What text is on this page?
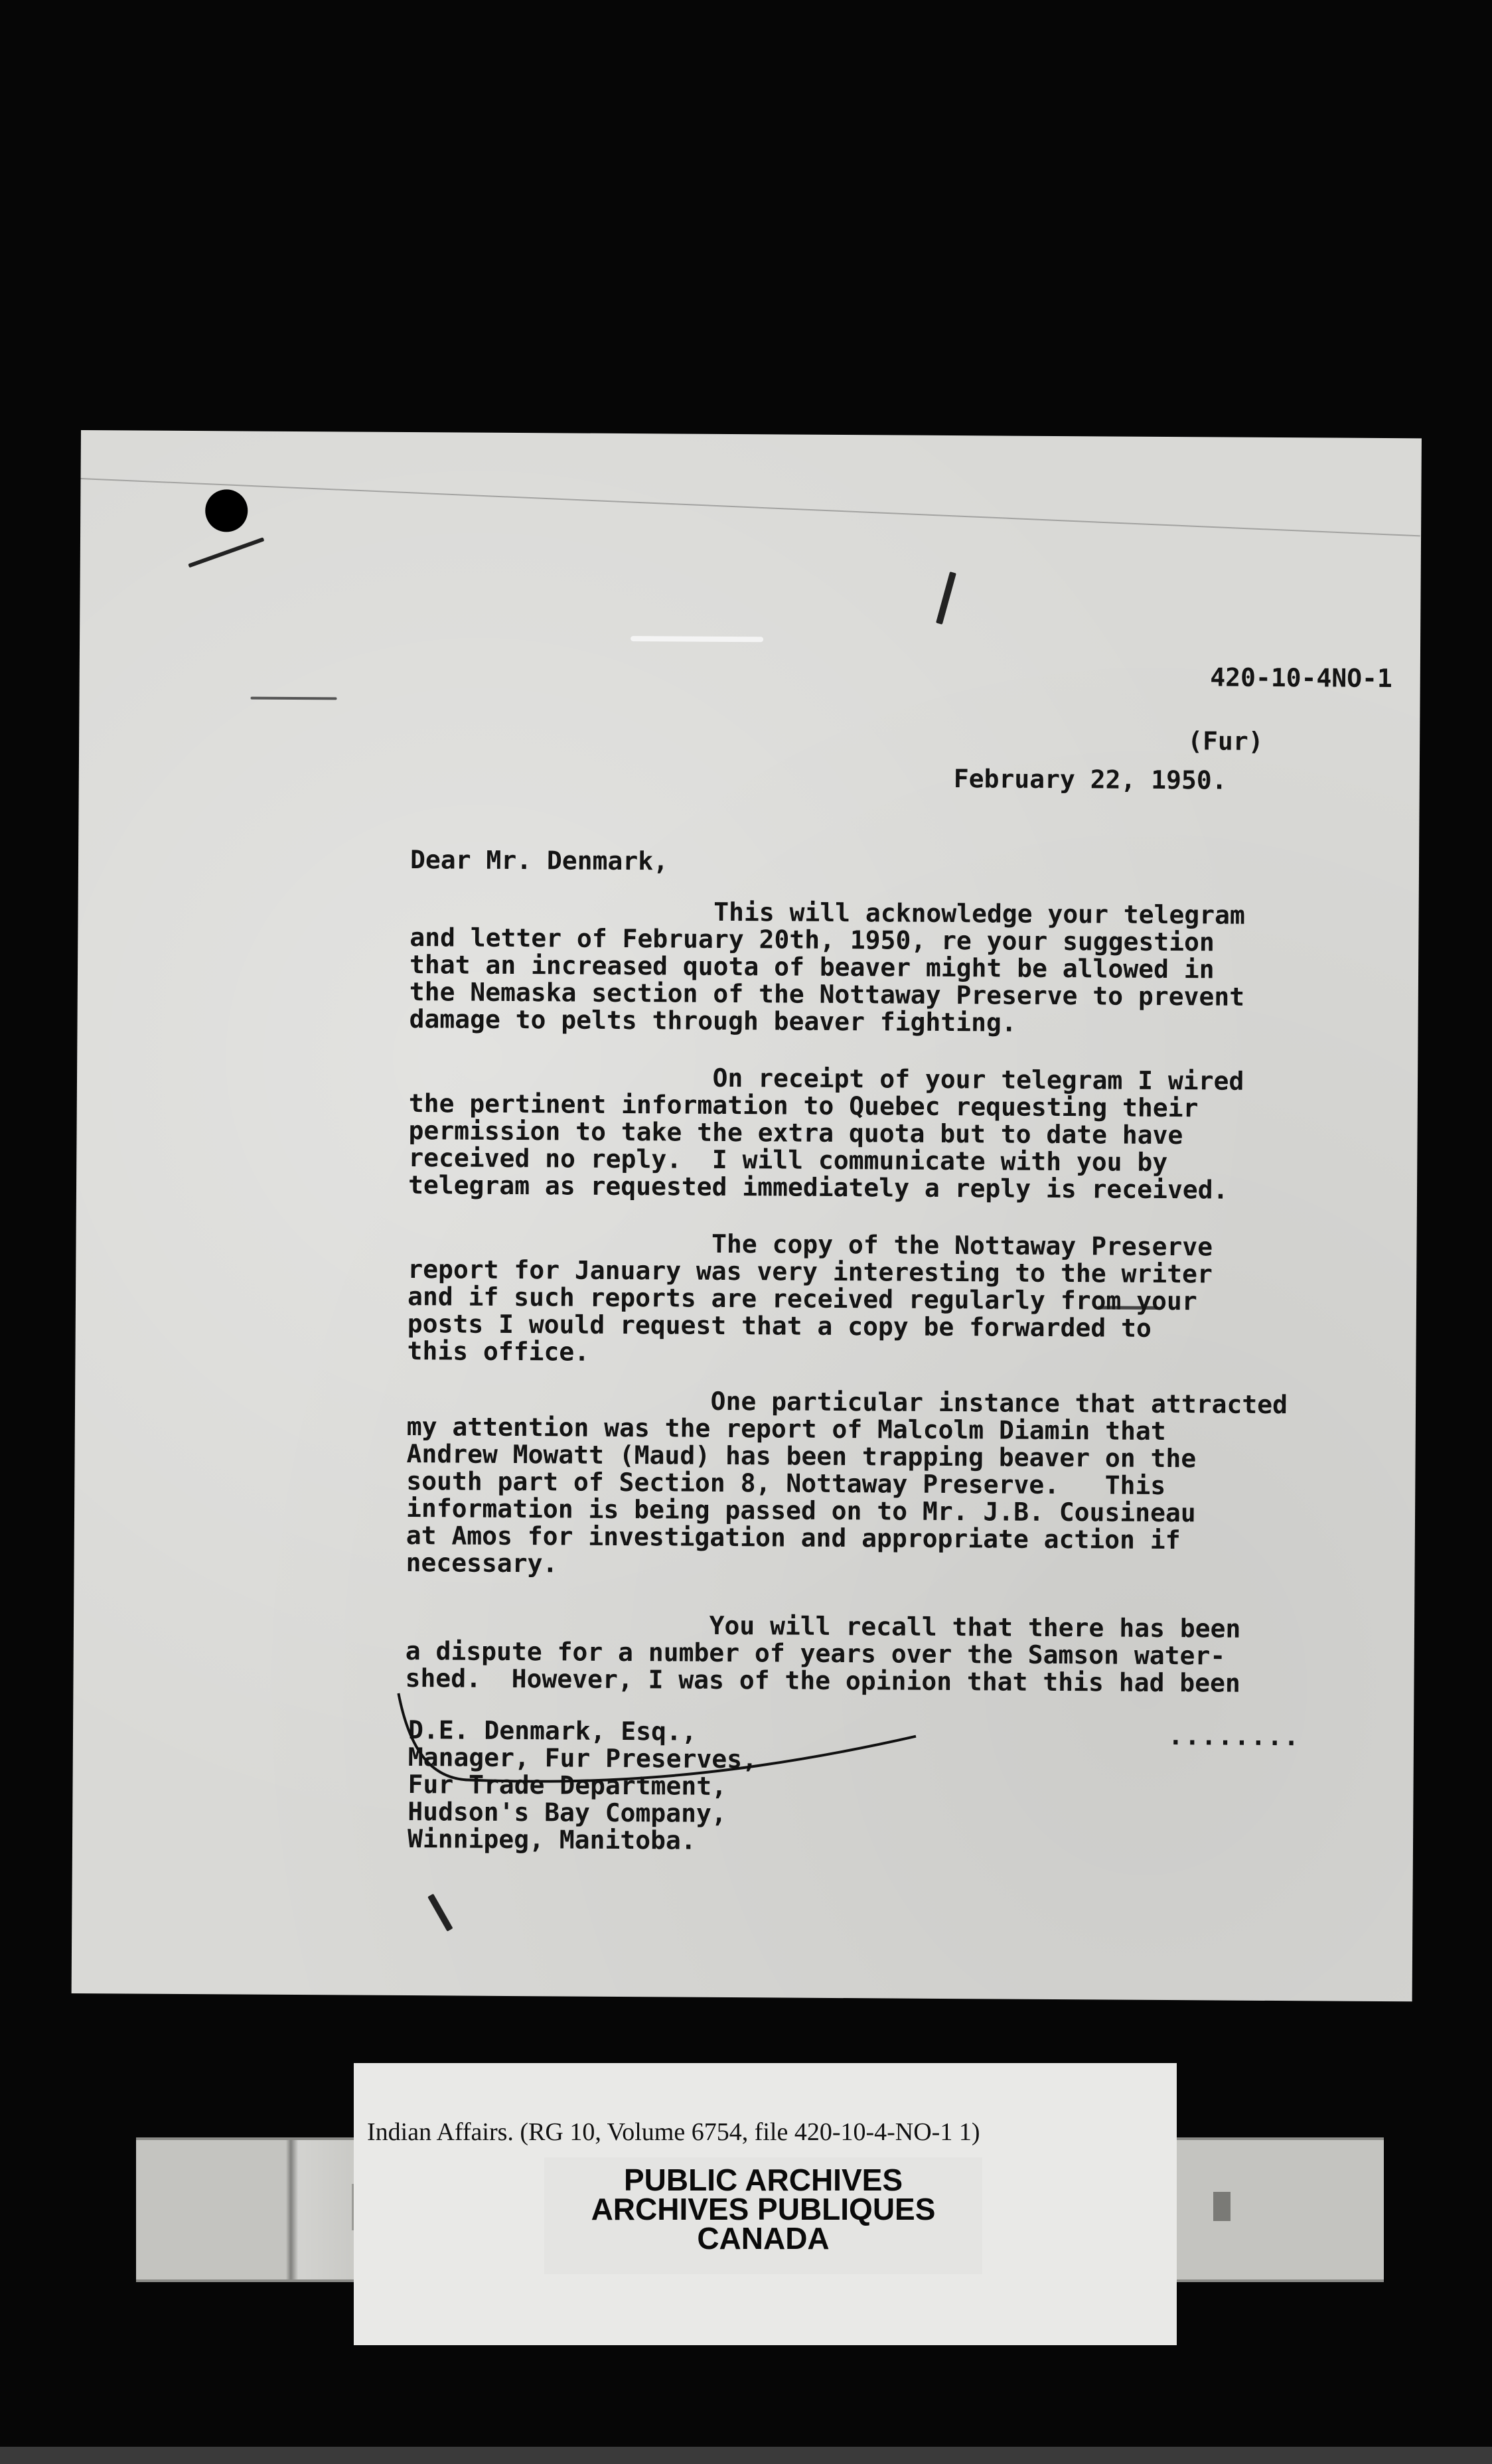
420-10-4NO-1

(Fur)

February 22, 1950.
Dear Mr. Denmark,
This will acknowledge your telegram
and letter of February 20th, 1950, re your suggestion
that an increased quota of beaver might be allowed in
the Nemaska section of the Nottaway Preserve to prevent
damage to pelts through beaver fighting.
On receipt of your telegram I wired
the pertinent information to Quebec requesting their
permission to take the extra quota but to date have
received no reply.  I will communicate with you by
telegram as requested immediately a reply is received.
The copy of the Nottaway Preserve
report for January was very interesting to the writer
and if such reports are received regularly from your
posts I would request that a copy be forwarded to
this office.
One particular instance that attracted
my attention was the report of Malcolm Diamin that
Andrew Mowatt (Maud) has been trapping beaver on the
south part of Section 8, Nottaway Preserve.   This
information is being passed on to Mr. J.B. Cousineau
at Amos for investigation and appropriate action if
necessary.
You will recall that there has been
a dispute for a number of years over the Samson water-
shed.  However, I was of the opinion that this had been
D.E. Denmark, Esq.,
Manager, Fur Preserves,
Fur Trade Department,
Hudson's Bay Company,
Winnipeg, Manitoba.
........
Indian Affairs. (RG 10, Volume 6754, file 420-10-4-NO-1 1)
PUBLIC ARCHIVES
ARCHIVES PUBLIQUES
CANADA
